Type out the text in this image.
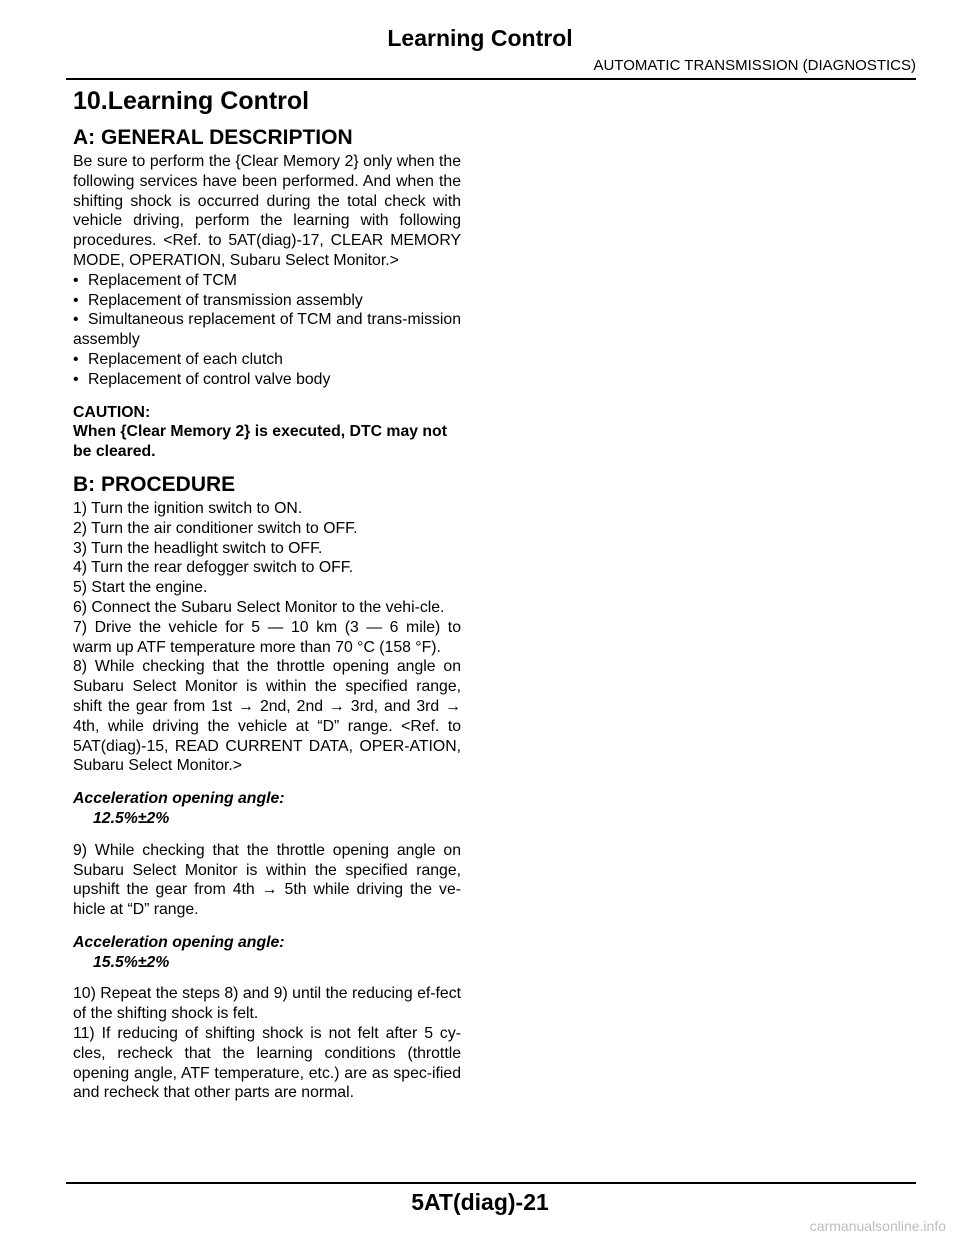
Learning Control
AUTOMATIC TRANSMISSION (DIAGNOSTICS)
10.Learning Control
A: GENERAL DESCRIPTION

Be sure to perform the {Clear Memory 2} only when the following services have been performed. And when the shifting shock is occurred during the total check with vehicle driving, perform the learning with following procedures. <Ref. to 5AT(diag)-17, CLEAR MEMORY MODE, OPERATION, Subaru Select Monitor.>

• Replacement of TCM
• Replacement of transmission assembly
• Simultaneous replacement of TCM and trans-mission assembly
• Replacement of each clutch
• Replacement of control valve body
CAUTION:
When {Clear Memory 2} is executed, DTC may not be cleared.
B: PROCEDURE
1) Turn the ignition switch to ON.
2) Turn the air conditioner switch to OFF.
3) Turn the headlight switch to OFF.
4) Turn the rear defogger switch to OFF.
5) Start the engine.
6) Connect the Subaru Select Monitor to the vehi-cle.
7) Drive the vehicle for 5 — 10 km (3 — 6 mile) to warm up ATF temperature more than 70 °C (158 °F).
8) While checking that the throttle opening angle on Subaru Select Monitor is within the specified range, shift the gear from 1st → 2nd, 2nd → 3rd, and 3rd → 4th, while driving the vehicle at “D” range. <Ref. to 5AT(diag)-15, READ CURRENT DATA, OPER-ATION, Subaru Select Monitor.>
Acceleration opening angle:
12.5%±2%
9) While checking that the throttle opening angle on Subaru Select Monitor is within the specified range, upshift the gear from 4th → 5th while driving the ve-hicle at “D” range.
Acceleration opening angle:
15.5%±2%
10) Repeat the steps 8) and 9) until the reducing ef-fect of the shifting shock is felt.
11) If reducing of shifting shock is not felt after 5 cy-cles, recheck that the learning conditions (throttle opening angle, ATF temperature, etc.) are as spec-ified and recheck that other parts are normal.
5AT(diag)-21
carmanualsonline.info
